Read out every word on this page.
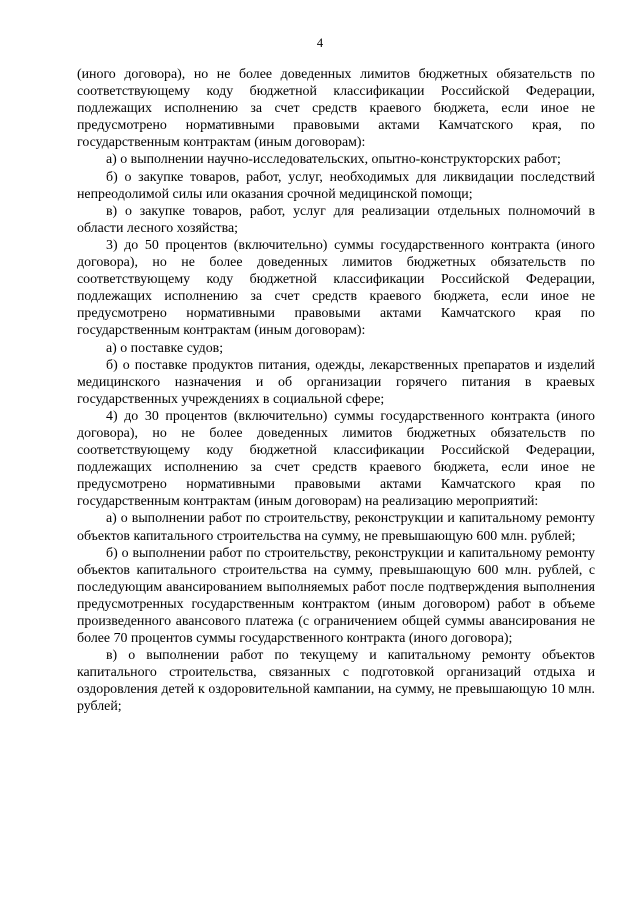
4

(иного договора), но не более доведенных лимитов бюджетных обязательств по соответствующему коду бюджетной классификации Российской Федерации, подлежащих исполнению за счет средств краевого бюджета, если иное не предусмотрено нормативными правовыми актами Камчатского края, по государственным контрактам (иным договорам):

а) о выполнении научно-исследовательских, опытно-конструкторских работ;

б) о закупке товаров, работ, услуг, необходимых для ликвидации последствий непреодолимой силы или оказания срочной медицинской помощи;

в) о закупке товаров, работ, услуг для реализации отдельных полномочий в области лесного хозяйства;

3) до 50 процентов (включительно) суммы государственного контракта (иного договора), но не более доведенных лимитов бюджетных обязательств по соответствующему коду бюджетной классификации Российской Федерации, подлежащих исполнению за счет средств краевого бюджета, если иное не предусмотрено нормативными правовыми актами Камчатского края по государственным контрактам (иным договорам):

а) о поставке судов;

б) о поставке продуктов питания, одежды, лекарственных препаратов и изделий медицинского назначения и об организации горячего питания в краевых государственных учреждениях в социальной сфере;

4) до 30 процентов (включительно) суммы государственного контракта (иного договора), но не более доведенных лимитов бюджетных обязательств по соответствующему коду бюджетной классификации Российской Федерации, подлежащих исполнению за счет средств краевого бюджета, если иное не предусмотрено нормативными правовыми актами Камчатского края по государственным контрактам (иным договорам) на реализацию мероприятий:

а) о выполнении работ по строительству, реконструкции и капитальному ремонту объектов капитального строительства на сумму, не превышающую 600 млн. рублей;

б) о выполнении работ по строительству, реконструкции и капитальному ремонту объектов капитального строительства на сумму, превышающую 600 млн. рублей, с последующим авансированием выполняемых работ после подтверждения выполнения предусмотренных государственным контрактом (иным договором) работ в объеме произведенного авансового платежа (с ограничением общей суммы авансирования не более 70 процентов суммы государственного контракта (иного договора);

в) о выполнении работ по текущему и капитальному ремонту объектов капитального строительства, связанных с подготовкой организаций отдыха и оздоровления детей к оздоровительной кампании, на сумму, не превышающую 10 млн. рублей;
